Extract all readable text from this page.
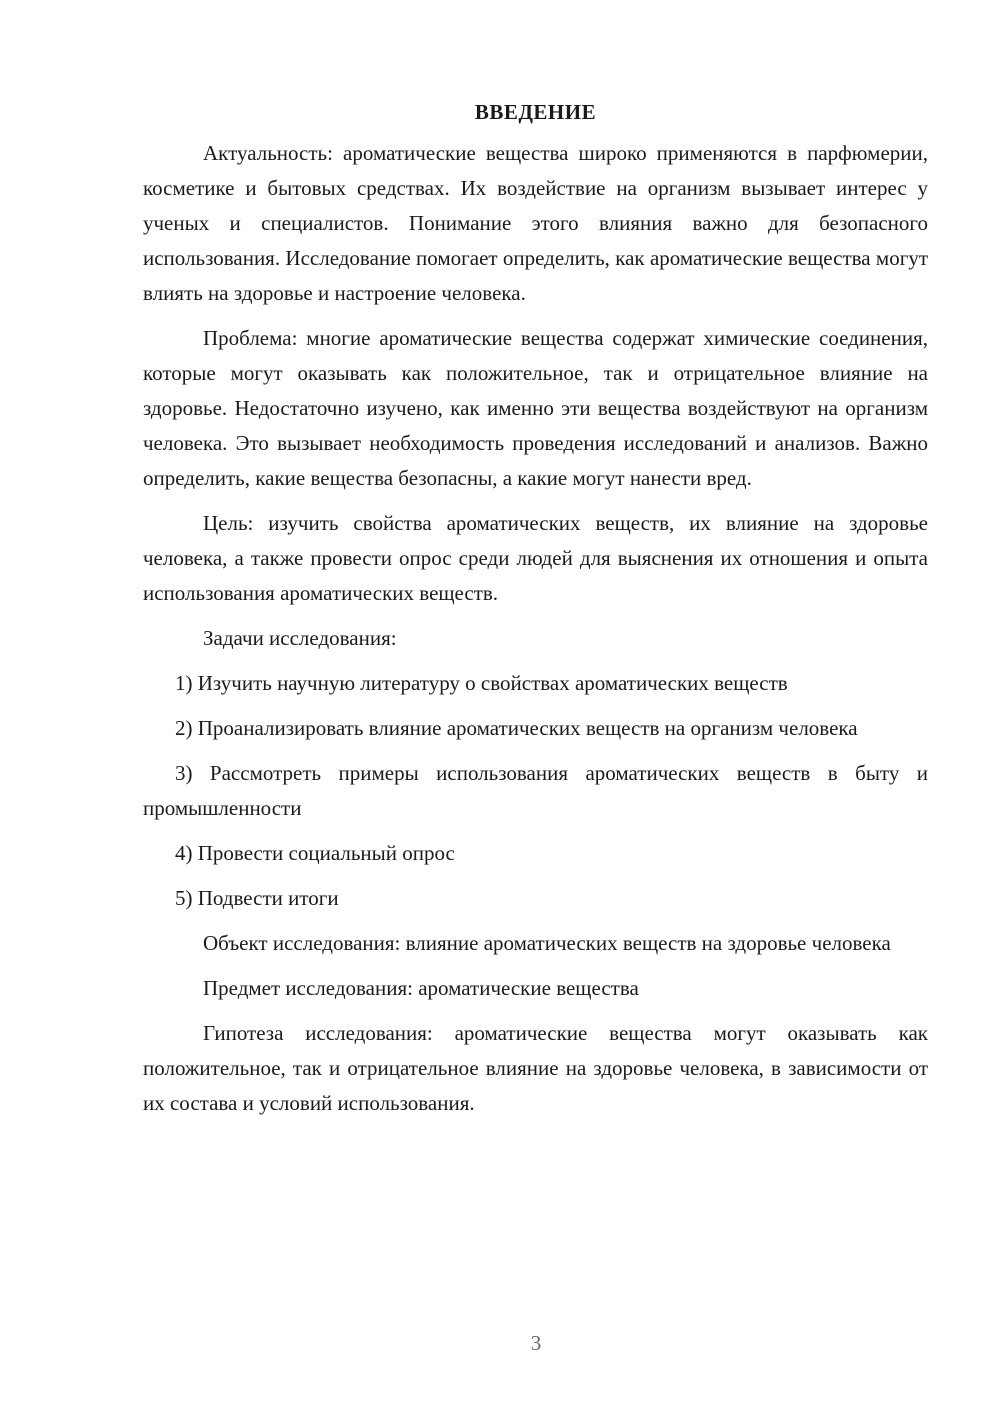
ВВЕДЕНИЕ

Актуальность: ароматические вещества широко применяются в парфюмерии, косметике и бытовых средствах. Их воздействие на организм вызывает интерес у ученых и специалистов. Понимание этого влияния важно для безопасного использования. Исследование помогает определить, как ароматические вещества могут влиять на здоровье и настроение человека.

Проблема: многие ароматические вещества содержат химические соединения, которые могут оказывать как положительное, так и отрицательное влияние на здоровье. Недостаточно изучено, как именно эти вещества воздействуют на организм человека. Это вызывает необходимость проведения исследований и анализов. Важно определить, какие вещества безопасны, а какие могут нанести вред.

Цель: изучить свойства ароматических веществ, их влияние на здоровье человека, а также провести опрос среди людей для выяснения их отношения и опыта использования ароматических веществ.

Задачи исследования:

1) Изучить научную литературу о свойствах ароматических веществ

2) Проанализировать влияние ароматических веществ на организм человека

3) Рассмотреть примеры использования ароматических веществ в быту и промышленности

4) Провести социальный опрос

5) Подвести итоги

Объект исследования: влияние ароматических веществ на здоровье человека

Предмет исследования: ароматические вещества

Гипотеза исследования: ароматические вещества могут оказывать как положительное, так и отрицательное влияние на здоровье человека, в зависимости от их состава и условий использования.

3
